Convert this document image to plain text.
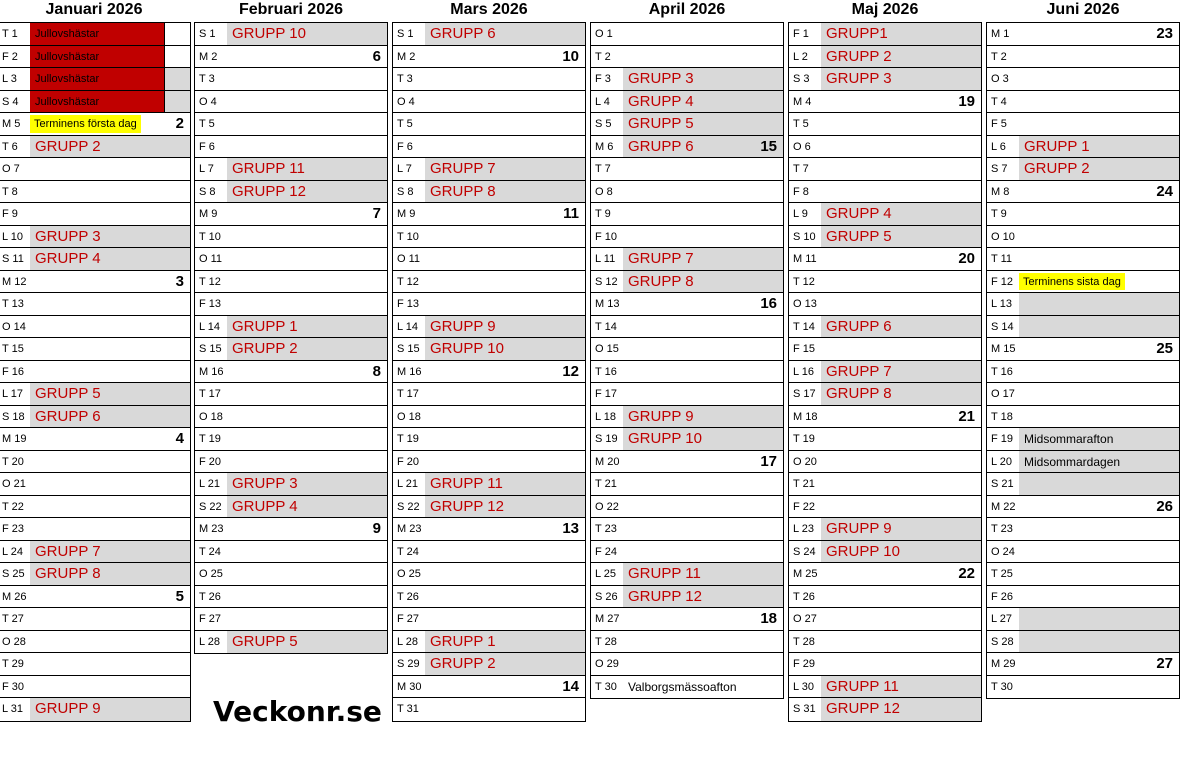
Januari 2026
T 1	Jullovshästar
F 2	Jullovshästar
L 3	Jullovshästar
S 4	Jullovshästar
M 5	Terminens första dag	2
T 6	GRUPP 2
O 7
T 8
F 9
L 10 GRUPP 3
S 11 GRUPP 4
M 12	3
T 13
O 14
T 15
F 16
L 17 GRUPP 5
S 18 GRUPP 6
M 19	4
T 20
O 21
T 22
F 23
L 24 GRUPP 7
S 25 GRUPP 8
M 26	5
T 27
O 28
T 29
F 30
L 31 GRUPP 9
Februari 2026
S 1	GRUPP 10
M 2	6
T 3
O 4
T 5
F 6
L 7	GRUPP 11
S 8	GRUPP 12
M 9	7
T 10
O 11
T 12
F 13
L 14 GRUPP 1
S 15 GRUPP 2
M 16	8
T 17
O 18
T 19
F 20
L 21 GRUPP 3
S 22 GRUPP 4
M 23	9
T 24
O 25
T 26
F 27
L 28 GRUPP 5
Mars 2026
S 1	GRUPP 6
M 2	10
T 3
O 4
T 5
F 6
L 7	GRUPP 7
S 8	GRUPP 8
M 9	11
T 10
O 11
T 12
F 13
L 14 GRUPP 9
S 15 GRUPP 10
M 16	12
T 17
O 18
T 19
F 20
L 21 GRUPP 11
S 22 GRUPP 12
M 23	13
T 24
O 25
T 26
F 27
L 28 GRUPP 1
S 29 GRUPP 2
M 30	14
T 31
April 2026
O 1
T 2
F 3	GRUPP 3
L 4	GRUPP 4
S 5	GRUPP 5
M 6 GRUPP 6	15
T 7
O 8
T 9
F 10
L 11 GRUPP 7
S 12 GRUPP 8
M 13	16
T 14
O 15
T 16
F 17
L 18 GRUPP 9
S 19 GRUPP 10
M 20	17
T 21
O 22
T 23
F 24
L 25 GRUPP 11
S 26 GRUPP 12
M 27	18
T 28
O 29
T 30 Valborgsmässoafton
Maj 2026
F 1	GRUPP1
L 2	GRUPP 2
S 3	GRUPP 3
M 4	19
T 5
O 6
T 7
F 8
L 9	GRUPP 4
S 10 GRUPP 5
M 11	20
T 12
O 13
T 14 GRUPP 6
F 15
L 16 GRUPP 7
S 17 GRUPP 8
M 18	21
T 19
O 20
T 21
F 22
L 23 GRUPP 9
S 24 GRUPP 10
M 25	22
T 26
O 27
T 28
F 29
L 30 GRUPP 11
S 31 GRUPP 12
Juni 2026
M 1	23
T 2
O 3
T 4
F 5
L 6	GRUPP 1
S 7	GRUPP 2
M 8	24
T 9
O 10
T 11
F 12 Terminens sista dag
L 13
S 14
M 15	25
T 16
O 17
T 18
F 19 Midsommarafton
L 20 Midsommardagen
S 21
M 22	26
T 23
O 24
T 25
F 26
L 27
S 28
M 29	27
T 30
Veckonr.se
